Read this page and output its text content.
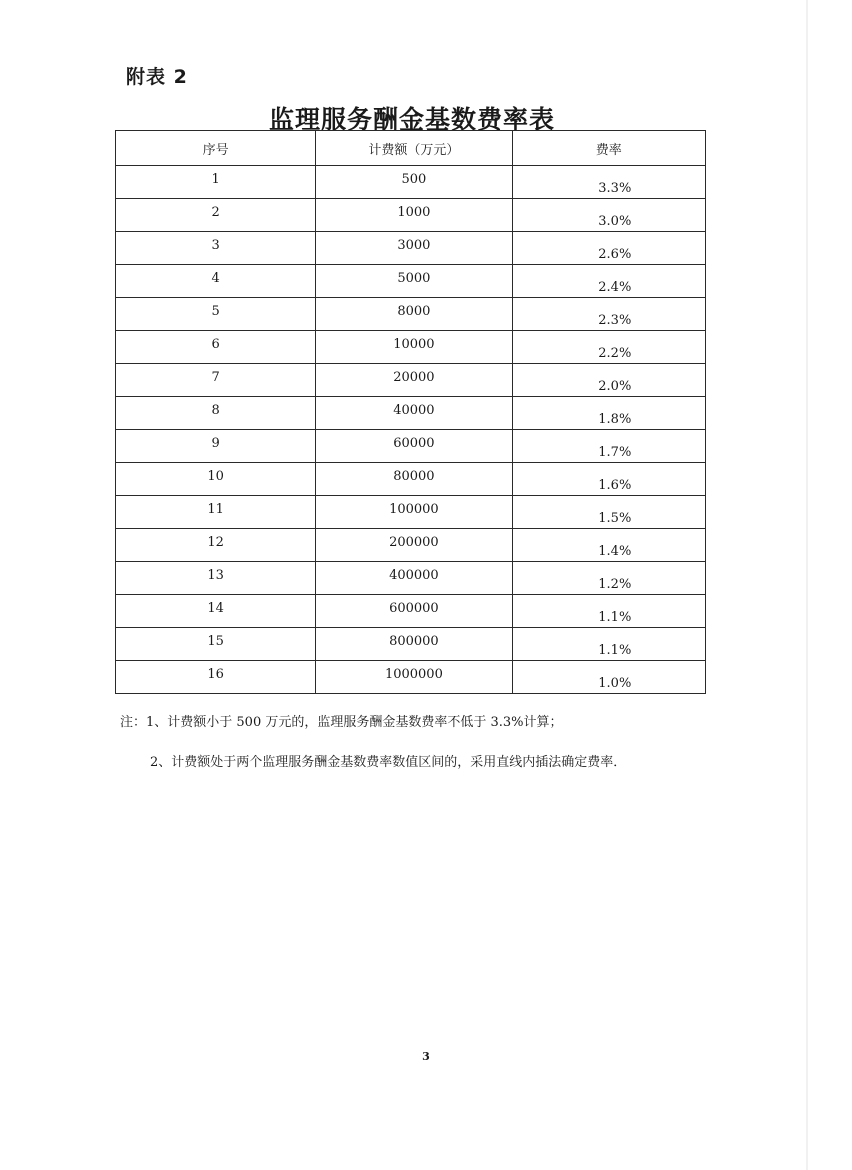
附表 2
监理服务酬金基数费率表
序号	计费额（万元）	费率
1	500	3.3%
2	1000	3.0%
3	3000	2.6%
4	5000	2.4%
5	8000	2.3%
6	10000	2.2%
7	20000	2.0%
8	40000	1.8%
9	60000	1.7%
10	80000	1.6%
11	100000	1.5%
12	200000	1.4%
13	400000	1.2%
14	600000	1.1%
15	800000	1.1%
16	1000000	1.0%

注：1、计费额小于 500 万元的，监理服务酬金基数费率不低于 3.3%计算；

2、计费额处于两个监理服务酬金基数费率数值区间的，采用直线内插法确定费率．

3
